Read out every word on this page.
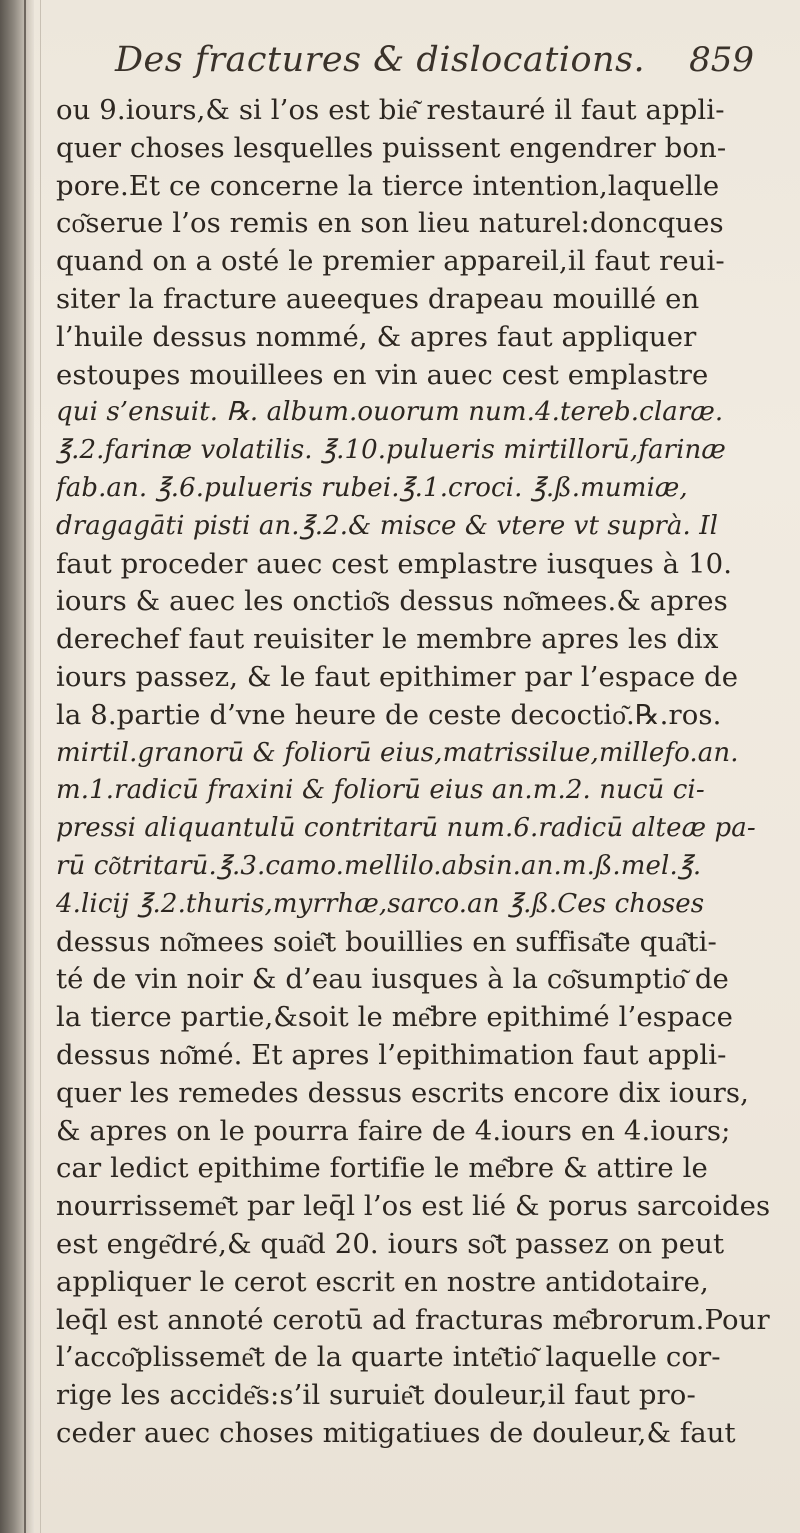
Des fractures & dislocations. 859
ou 9.iours,& si l’os est bie͂ restauré il faut appli-
quer choses lesquelles puissent engendrer bon-
pore.Et ce concerne la tierce intention,laquelle
co͂serue l’os remis en son lieu naturel:doncques
quand on a osté le premier appareil,il faut reui-
siter la fracture aueeques drapeau mouillé en
l’huile dessus nommé, & apres faut appliquer
estoupes mouillees en vin auec cest emplastre
qui s’ensuit. ℞. album.ouorum num.4.tereb.claræ.
℥.2.farinæ volatilis. ℥.10.pulueris mirtillorū,farinæ
fab.an. ℥.6.pulueris rubei.℥.1.croci. ℥.ß.mumiæ,
dragagāti pisti an.℥.2.& misce & vtere vt suprà. Il
faut proceder auec cest emplastre iusques à 10.
iours & auec les onctio͂s dessus no͂mees.& apres
derechef faut reuisiter le membre apres les dix
iours passez, & le faut epithimer par l’espace de
la 8.partie d’vne heure de ceste decoctio͂.℞.ros.
mirtil.granorū & foliorū eius,matrissilue,millefo.an.
m.1.radicū fraxini & foliorū eius an.m.2. nucū ci-
pressi aliquantulū contritarū num.6.radicū alteæ pa-
rū co͂tritarū.℥.3.camo.mellilo.absin.an.m.ß.mel.℥.
4.licij ℥.2.thuris,myrrhæ,sarco.an ℥.ß.Ces choses
dessus no͂mees soie͂t bouillies en suffisa͂te qua͂ti-
té de vin noir & d’eau iusques à la co͂sumptio͂ de
la tierce partie,&soit le me͂bre epithimé l’espace
dessus no͂mé. Et apres l’epithimation faut appli-
quer les remedes dessus escrits encore dix iours,
& apres on le pourra faire de 4.iours en 4.iours;
car ledict epithime fortifie le me͂bre & attire le
nourrisseme͂t par leq̄l l’os est lié & porus sarcoides
est enge͂dré,& qua͂d 20. iours so͂t passez on peut
appliquer le cerot escrit en nostre antidotaire,
leq̄l est annoté cerotū ad fracturas me͂brorum.Pour
l’acco͂plisseme͂t de la quarte inte͂tio͂ laquelle cor-
rige les accide͂s:s’il suruie͂t douleur,il faut pro-
ceder auec choses mitigatiues de douleur,& faut
